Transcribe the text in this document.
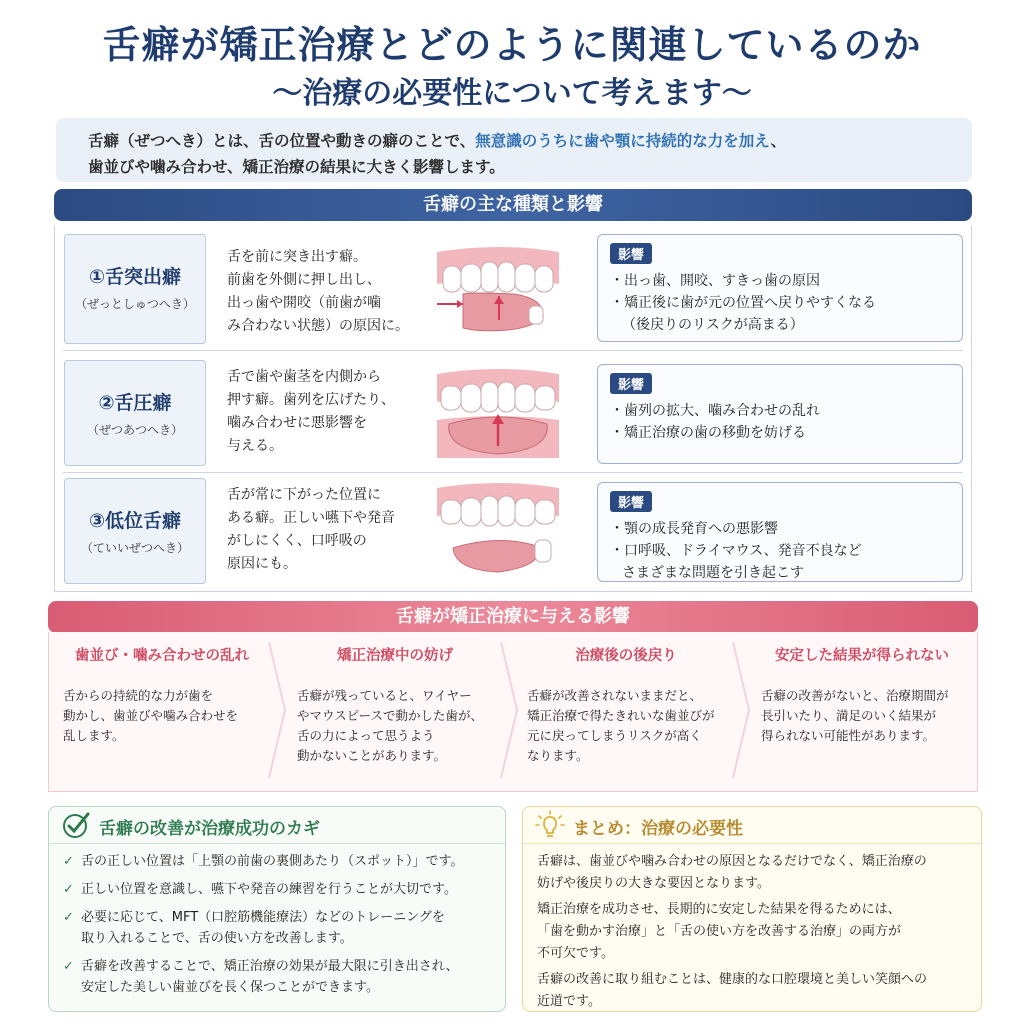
舌癖が矯正治療とどのように関連しているのか
～治療の必要性について考えます～
舌癖（ぜつへき）とは、舌の位置や動きの癖のことで、無意識のうちに歯や顎に持続的な力を加え、
歯並びや噛み合わせ、矯正治療の結果に大きく影響します。
舌癖の主な種類と影響
①舌突出癖
（ぜっとしゅつへき）
舌を前に突き出す癖。
前歯を外側に押し出し、
出っ歯や開咬（前歯が噛
み合わない状態）の原因に。
影響
・出っ歯、開咬、すきっ歯の原因
・矯正後に歯が元の位置へ戻りやすくなる
（後戻りのリスクが高まる）
②舌圧癖
（ぜつあつへき）
舌で歯や歯茎を内側から
押す癖。歯列を広げたり、
噛み合わせに悪影響を
与える。
影響
・歯列の拡大、噛み合わせの乱れ
・矯正治療の歯の移動を妨げる
③低位舌癖
（ていいぜつへき）
舌が常に下がった位置に
ある癖。正しい嚥下や発音
がしにくく、口呼吸の
原因にも。
影響
・顎の成長発育への悪影響
・口呼吸、ドライマウス、発音不良など
さまざまな問題を引き起こす
舌癖が矯正治療に与える影響
歯並び・噛み合わせの乱れ
舌からの持続的な力が歯を
動かし、歯並びや噛み合わせを
乱します。
矯正治療中の妨げ
舌癖が残っていると、ワイヤー
やマウスピースで動かした歯が、
舌の力によって思うよう
動かないことがあります。
治療後の後戻り
舌癖が改善されないままだと、
矯正治療で得たきれいな歯並びが
元に戻ってしまうリスクが高く
なります。
安定した結果が得られない
舌癖の改善がないと、治療期間が
長引いたり、満足のいく結果が
得られない可能性があります。
舌癖の改善が治療成功のカギ
✓ 舌の正しい位置は「上顎の前歯の裏側あたり（スポット）」です。
✓ 正しい位置を意識し、嚥下や発音の練習を行うことが大切です。
✓ 必要に応じて、MFT（口腔筋機能療法）などのトレーニングを
取り入れることで、舌の使い方を改善します。
✓ 舌癖を改善することで、矯正治療の効果が最大限に引き出され、
安定した美しい歯並びを長く保つことができます。
まとめ：治療の必要性

舌癖は、歯並びや噛み合わせの原因となるだけでなく、矯正治療の
妨げや後戻りの大きな要因となります。

矯正治療を成功させ、長期的に安定した結果を得るためには、
「歯を動かす治療」と「舌の使い方を改善する治療」の両方が
不可欠です。

舌癖の改善に取り組むことは、健康的な口腔環境と美しい笑顔への
近道です。
